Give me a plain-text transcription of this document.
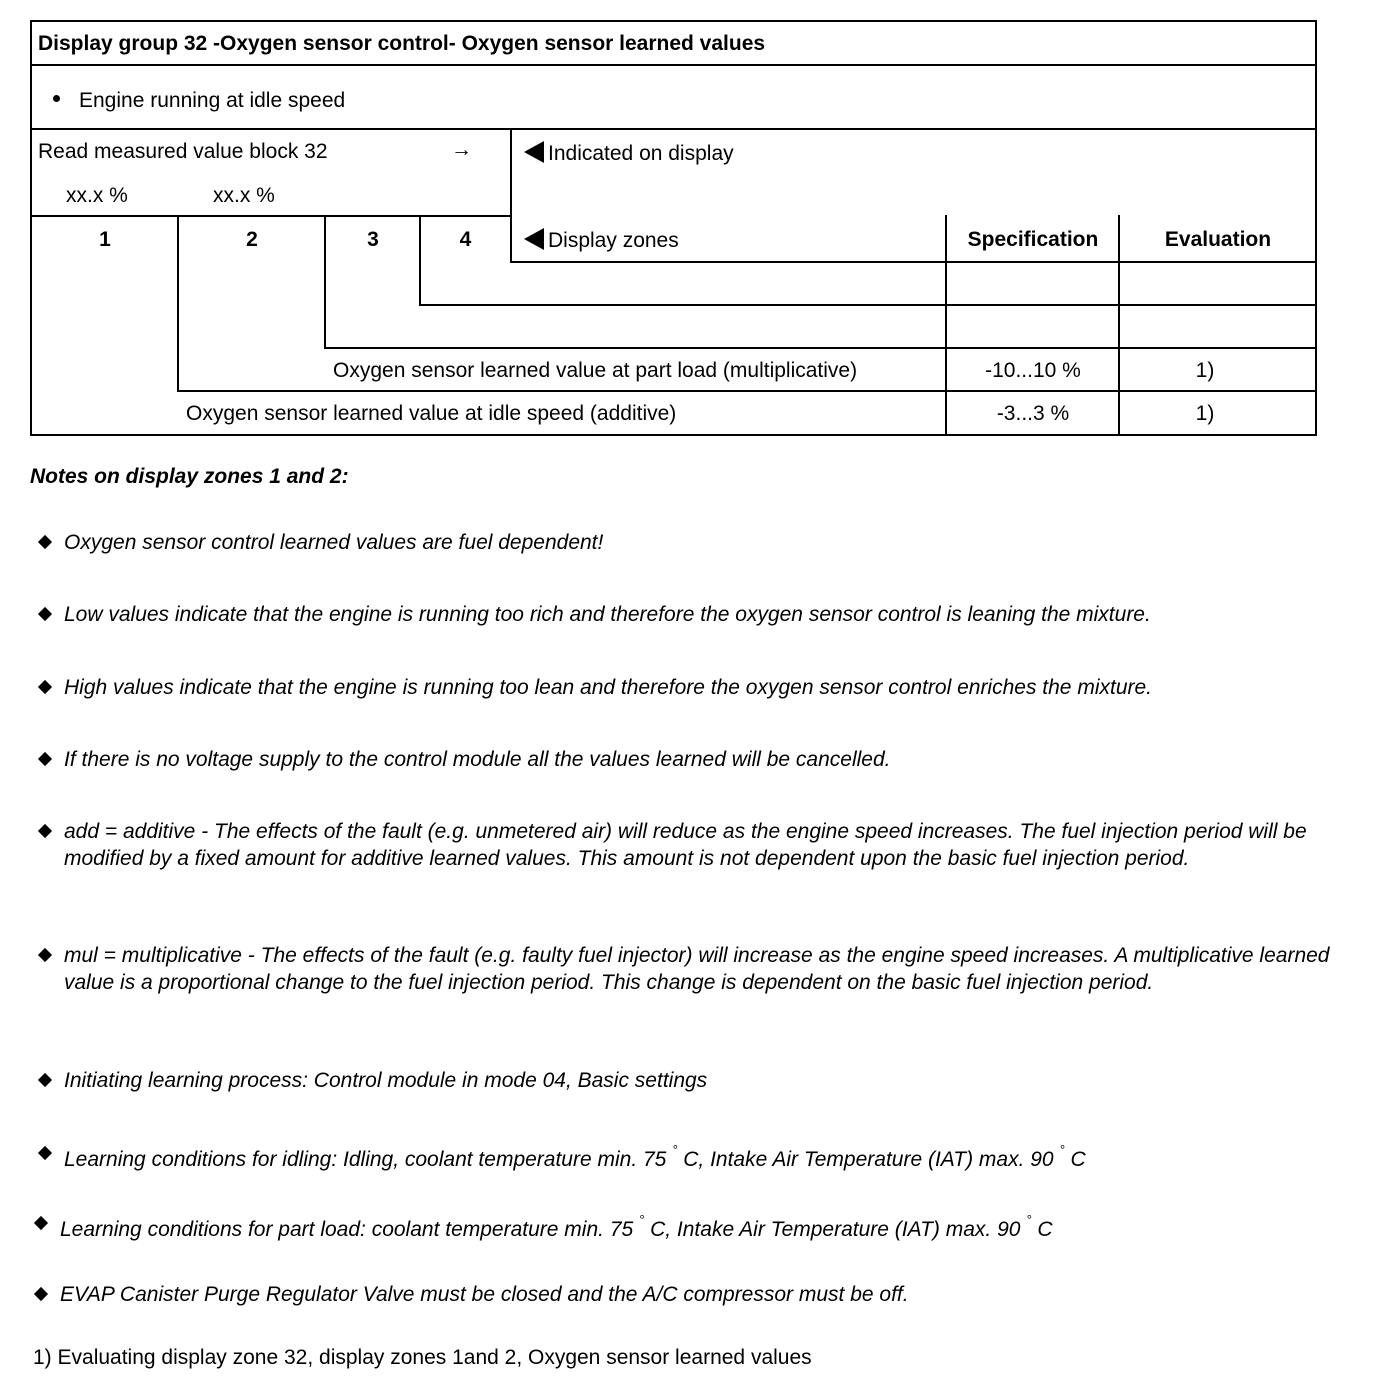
Display group 32 -Oxygen sensor control- Oxygen sensor learned values
Engine running at idle speed
Read measured value block 32	→
xx.x %	xx.x %
Indicated on display
1	2	3	4	Display zones	Specification	Evaluation
Oxygen sensor learned value at part load (multiplicative)	-10...10 %	1)
Oxygen sensor learned value at idle speed (additive)	-3...3 %	1)
Notes on display zones 1 and 2:
Oxygen sensor control learned values are fuel dependent!
Low values indicate that the engine is running too rich and therefore the oxygen sensor control is leaning the mixture.
High values indicate that the engine is running too lean and therefore the oxygen sensor control enriches the mixture.
If there is no voltage supply to the control module all the values learned will be cancelled.
add = additive - The effects of the fault (e.g. unmetered air) will reduce as the engine speed increases. The fuel injection period will be modified by a fixed amount for additive learned values. This amount is not dependent upon the basic fuel injection period.
mul = multiplicative - The effects of the fault (e.g. faulty fuel injector) will increase as the engine speed increases. A multiplicative learned value is a proportional change to the fuel injection period. This change is dependent on the basic fuel injection period.
Initiating learning process: Control module in mode 04, Basic settings
Learning conditions for idling: Idling, coolant temperature min. 75 ° C, Intake Air Temperature (IAT) max. 90 ° C
Learning conditions for part load: coolant temperature min. 75 ° C, Intake Air Temperature (IAT) max. 90 ° C
EVAP Canister Purge Regulator Valve must be closed and the A/C compressor must be off.
1) Evaluating display zone 32, display zones 1and 2, Oxygen sensor learned values
